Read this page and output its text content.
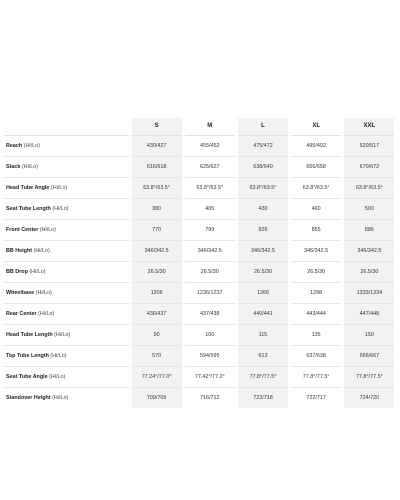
	S	M	L	XL	XXL
Reach (Hi/Lo)	430/427	455/452	475/472	495/492	520/517
Stack (Hi/Lo)	616/618	625/627	638/640	656/658	670/672
Head Tube Angle (Hi/Lo)	63.8°/63.5°	63.8°/63.5°	63.8°/63.5°	63.8°/63.5°	63.8°/63.5°
Seat Tube Length (Hi/Lo)	380	405	430	460	500
Front Center (Hi/Lo)	770	799	826	855	886
BB Height (Hi/Lo)	346/342.5	346/342.5	346/342.5	346/342.5	346/342.5
BB Drop (Hi/Lo)	26.5/30	26.5/30	26.5/30	26.5/30	26.5/30
Wheelbase (Hi/Lo)	1206	1236/1237	1266	1298	1333/1334
Rear Center (Hi/Lo)	436/437	437/438	440/441	443/444	447/448
Head Tube Length (Hi/Lo)	90	100	115	135	150
Top Tube Length (Hi/Lo)	570	594/595	613	637/638	666/667
Seat Tube Angle (Hi/Lo)	77.24°/77.0°	77.42°/77.2°	77.8°/77.5°	77.8°/77.5°	77.8°/77.5°
Standover Height (Hi/Lo)	709/705	716/712	723/718	722/717	724/720
